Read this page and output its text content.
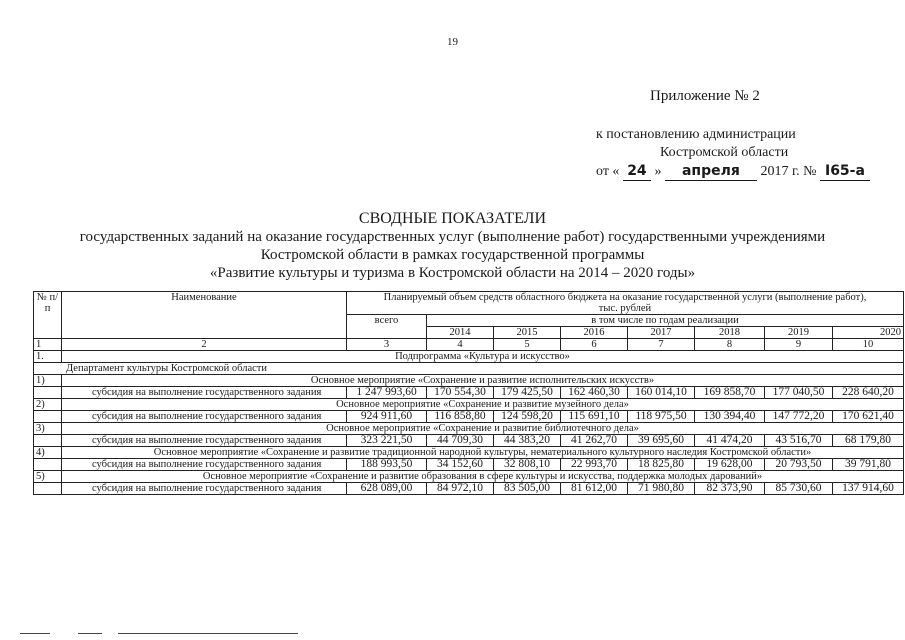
19
Приложение № 2
к постановлению администрации
Костромской области
от « 24 » апреля 2017 г. № I65-а
СВОДНЫЕ ПОКАЗАТЕЛИ
государственных заданий на оказание государственных услуг (выполнение работ) государственными учреждениями
Костромской области в рамках государственной программы
«Развитие культуры и туризма в Костромской области на 2014 – 2020 годы»
№ п/п	Наименование	Планируемый объем средств областного бюджета на оказание государственной услуги (выполнение работ),
тыс. рублей							
		всего	в том числе по годам реализации						
			2014	2015	2016	2017	2018	2019	2020
1	2	3	4	5	6	7	8	9	10
1.	Подпрограмма «Культура и искусство»								
Департамент культуры Костромской области									
1)	Основное мероприятие «Сохранение и развитие исполнительских искусств»								
	субсидия на выполнение государственного задания	1 247 993,60	170 554,30	179 425,50	162 460,30	160 014,10	169 858,70	177 040,50	228 640,20
2)	Основное мероприятие «Сохранение и развитие музейного дела»								
	субсидия на выполнение государственного задания	924 911,60	116 858,80	124 598,20	115 691,10	118 975,50	130 394,40	147 772,20	170 621,40
3)	Основное мероприятие «Сохранение и развитие библиотечного дела»								
	субсидия на выполнение государственного задания	323 221,50	44 709,30	44 383,20	41 262,70	39 695,60	41 474,20	43 516,70	68 179,80
4)	Основное мероприятие «Сохранение и развитие традиционной народной культуры, нематериального культурного наследия Костромской области»								
	субсидия на выполнение государственного задания	188 993,50	34 152,60	32 808,10	22 993,70	18 825,80	19 628,00	20 793,50	39 791,80
5)	Основное мероприятие «Сохранение и развитие образования в сфере культуры и искусства, поддержка молодых дарований»								
	субсидия на выполнение государственного задания	628 089,00	84 972,10	83 505,00	81 612,00	71 980,80	82 373,90	85 730,60	137 914,60
